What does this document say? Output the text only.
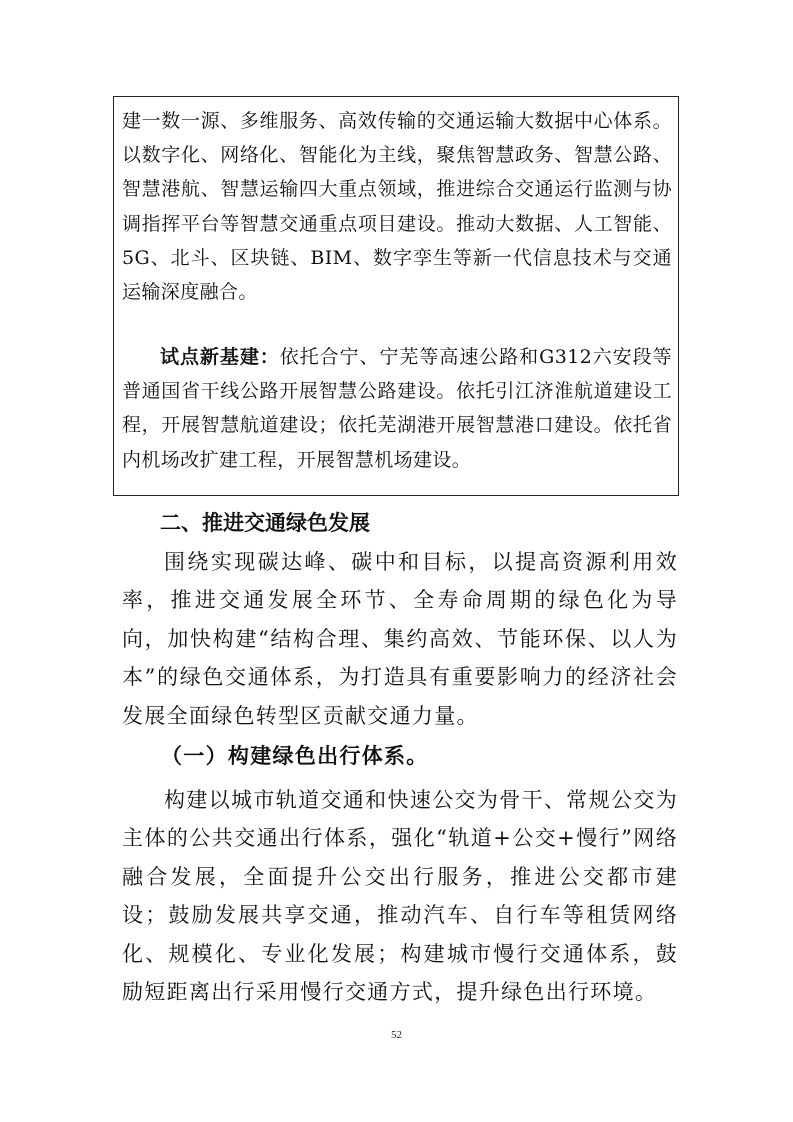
建一数一源、多维服务、高效传输的交通运输大数据中心体系。以数字化、网络化、智能化为主线，聚焦智慧政务、智慧公路、智慧港航、智慧运输四大重点领域，推进综合交通运行监测与协调指挥平台等智慧交通重点项目建设。推动大数据、人工智能、5G、北斗、区块链、BIM、数字孪生等新一代信息技术与交通运输深度融合。

试点新基建：依托合宁、宁芜等高速公路和G312六安段等普通国省干线公路开展智慧公路建设。依托引江济淮航道建设工程，开展智慧航道建设；依托芜湖港开展智慧港口建设。依托省内机场改扩建工程，开展智慧机场建设。

二、推进交通绿色发展

围绕实现碳达峰、碳中和目标，以提高资源利用效率，推进交通发展全环节、全寿命周期的绿色化为导向，加快构建“结构合理、集约高效、节能环保、以人为本”的绿色交通体系，为打造具有重要影响力的经济社会发展全面绿色转型区贡献交通力量。

（一）构建绿色出行体系。

构建以城市轨道交通和快速公交为骨干、常规公交为主体的公共交通出行体系，强化“轨道+公交+慢行”网络融合发展，全面提升公交出行服务，推进公交都市建设；鼓励发展共享交通，推动汽车、自行车等租赁网络化、规模化、专业化发展；构建城市慢行交通体系，鼓励短距离出行采用慢行交通方式，提升绿色出行环境。

52
